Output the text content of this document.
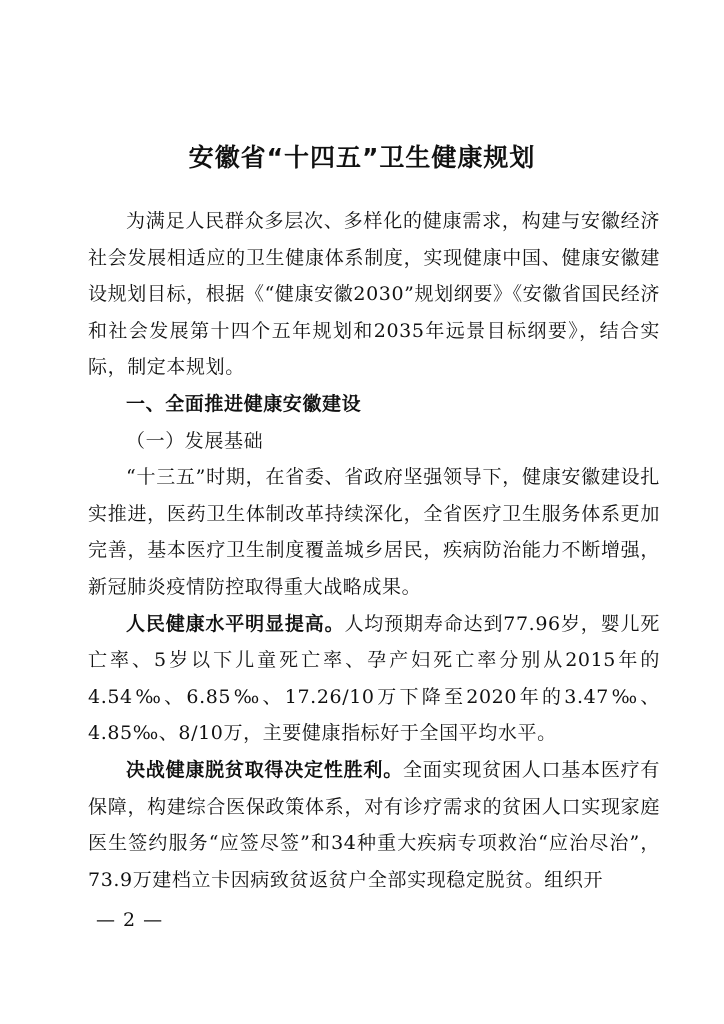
安徽省“十四五”卫生健康规划

为满足人民群众多层次、多样化的健康需求，构建与安徽经济社会发展相适应的卫生健康体系制度，实现健康中国、健康安徽建设规划目标，根据《“健康安徽2030”规划纲要》《安徽省国民经济和社会发展第十四个五年规划和2035年远景目标纲要》，结合实际，制定本规划。

一、全面推进健康安徽建设

（一）发展基础

“十三五”时期，在省委、省政府坚强领导下，健康安徽建设扎实推进，医药卫生体制改革持续深化，全省医疗卫生服务体系更加完善，基本医疗卫生制度覆盖城乡居民，疾病防治能力不断增强，新冠肺炎疫情防控取得重大战略成果。

人民健康水平明显提高。人均预期寿命达到77.96岁，婴儿死亡率、5岁以下儿童死亡率、孕产妇死亡率分别从2015年的4.54‰、6.85‰、17.26/10万下降至2020年的3.47‰、4.85‰、8/10万，主要健康指标好于全国平均水平。

决战健康脱贫取得决定性胜利。全面实现贫困人口基本医疗有保障，构建综合医保政策体系，对有诊疗需求的贫困人口实现家庭医生签约服务“应签尽签”和34种重大疾病专项救治“应治尽治”，73.9万建档立卡因病致贫返贫户全部实现稳定脱贫。组织开

— 2 —
